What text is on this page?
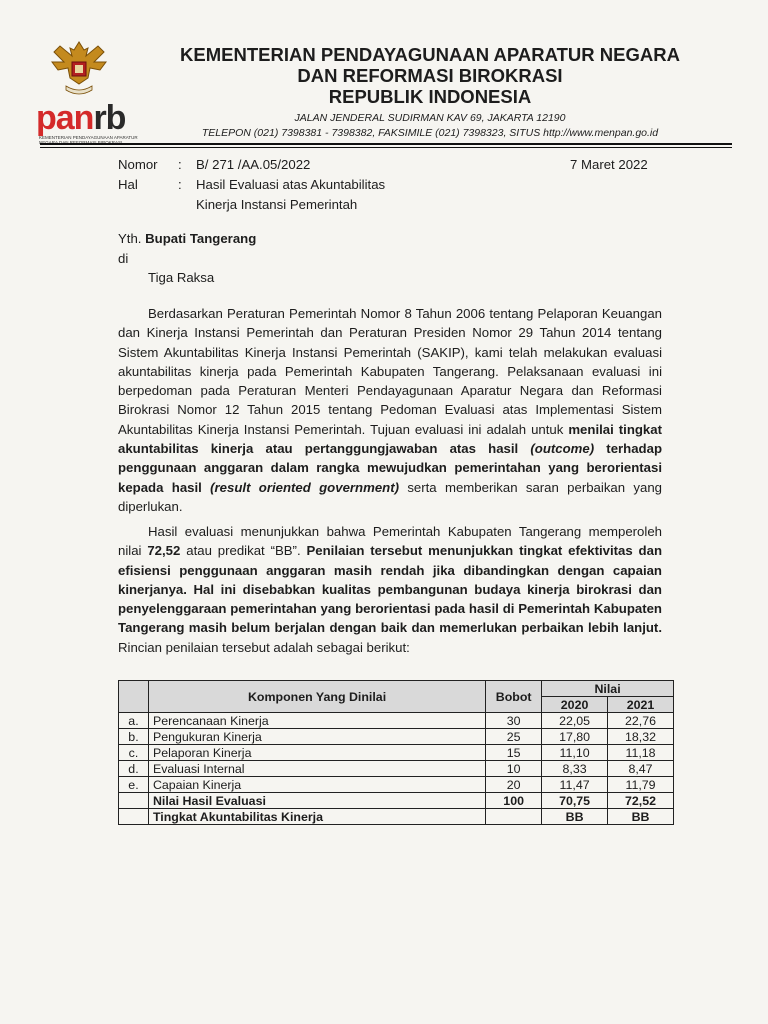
panrb
KEMENTERIAN PENDAYAGUNAAN APARATUR
KEMENTERIAN PENDAYAGUNAAN APARATUR NEGARA
DAN REFORMASI BIROKRASI
REPUBLIK INDONESIA
JALAN JENDERAL SUDIRMAN KAV 69, JAKARTA 12190
TELEPON (021) 7398381 - 7398382, FAKSIMILE (021) 7398323, SITUS http://www.menpan.go.id
Nomor : B/ 271 /AA.05/2022	7 Maret 2022
Hal	: Hasil Evaluasi atas Akuntabilitas
Kinerja Instansi Pemerintah
Yth. Bupati Tangerang
di
Tiga Raksa
Berdasarkan Peraturan Pemerintah Nomor 8 Tahun 2006 tentang Pelaporan Keuangan dan Kinerja Instansi Pemerintah dan Peraturan Presiden Nomor 29 Tahun 2014 tentang Sistem Akuntabilitas Kinerja Instansi Pemerintah (SAKIP), kami telah melakukan evaluasi akuntabilitas kinerja pada Pemerintah Kabupaten Tangerang. Pelaksanaan evaluasi ini berpedoman pada Peraturan Menteri Pendayagunaan Aparatur Negara dan Reformasi Birokrasi Nomor 12 Tahun 2015 tentang Pedoman Evaluasi atas Implementasi Sistem Akuntabilitas Kinerja Instansi Pemerintah. Tujuan evaluasi ini adalah untuk menilai tingkat akuntabilitas kinerja atau pertanggungjawaban atas hasil (outcome) terhadap penggunaan anggaran dalam rangka mewujudkan pemerintahan yang berorientasi kepada hasil (result oriented government) serta memberikan saran perbaikan yang diperlukan.
Hasil evaluasi menunjukkan bahwa Pemerintah Kabupaten Tangerang memperoleh nilai 72,52 atau predikat “BB”. Penilaian tersebut menunjukkan tingkat efektivitas dan efisiensi penggunaan anggaran masih rendah jika dibandingkan dengan capaian kinerjanya. Hal ini disebabkan kualitas pembangunan budaya kinerja birokrasi dan penyelenggaraan pemerintahan yang berorientasi pada hasil di Pemerintah Kabupaten Tangerang masih belum berjalan dengan baik dan memerlukan perbaikan lebih lanjut. Rincian penilaian tersebut adalah sebagai berikut:
	Komponen Yang Dinilai	Bobot	Nilai	
			2020	2021
a.	Perencanaan Kinerja	30	22,05	22,76
b.	Pengukuran Kinerja	25	17,80	18,32
c.	Pelaporan Kinerja	15	11,10	11,18
d.	Evaluasi Internal	10	8,33	8,47
e.	Capaian Kinerja	20	11,47	11,79
	Nilai Hasil Evaluasi	100	70,75	72,52
	Tingkat Akuntabilitas Kinerja		BB	BB
